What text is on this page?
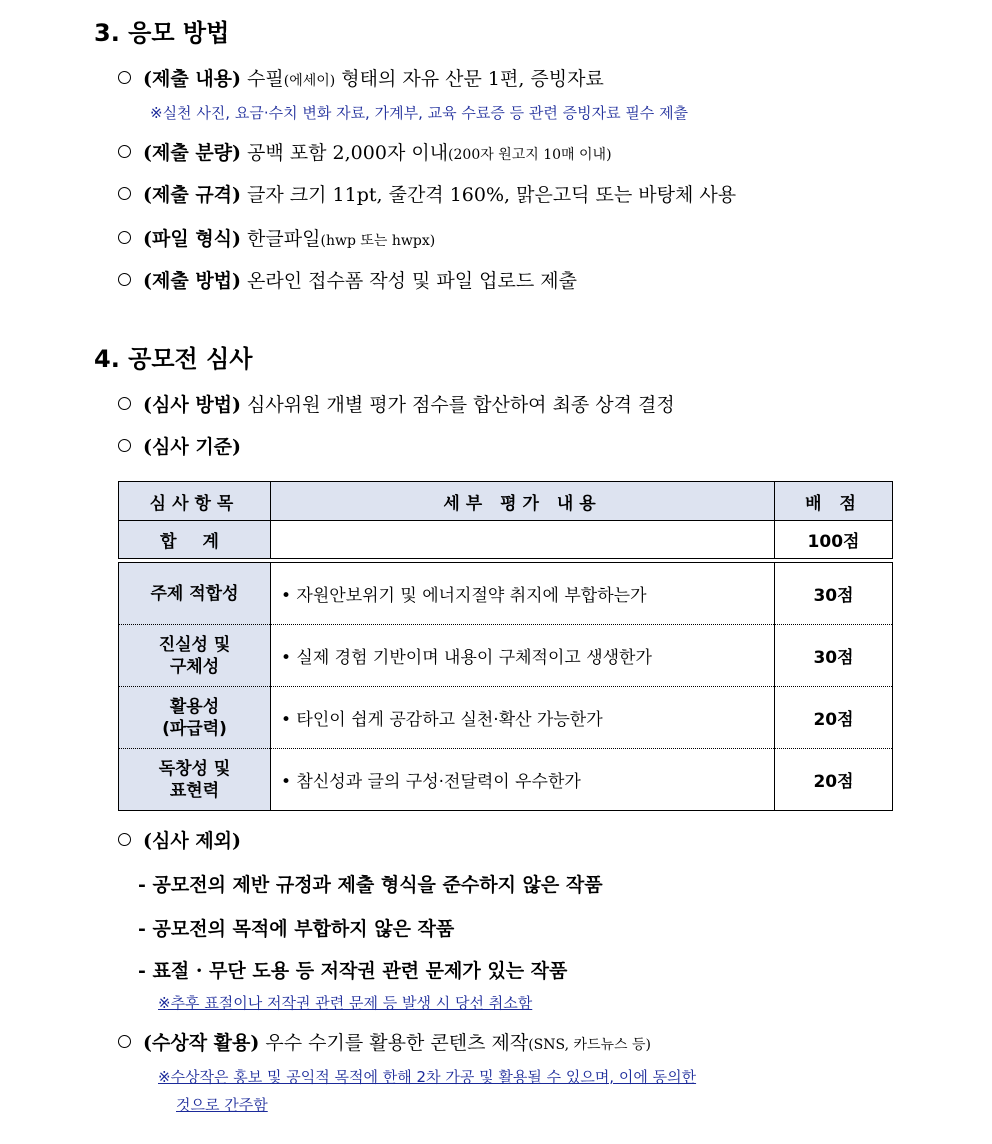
3. 응모 방법
(제출 내용) 수필(에세이) 형태의 자유 산문 1편, 증빙자료
※실천 사진, 요금·수치 변화 자료, 가계부, 교육 수료증 등 관련 증빙자료 필수 제출
(제출 분량) 공백 포함 2,000자 이내(200자 원고지 10매 이내)
(제출 규격) 글자 크기 11pt, 줄간격 160%, 맑은고딕 또는 바탕체 사용
(파일 형식) 한글파일(hwp 또는 hwpx)
(제출 방법) 온라인 접수폼 작성 및 파일 업로드 제출
4. 공모전 심사
(심사 방법) 심사위원 개별 평가 점수를 합산하여 최종 상격 결정
(심사 기준)
심사항목	세부 평가 내용	배 점
합 계		100점

주제 적합성	• 자원안보위기 및 에너지절약 취지에 부합하는가	30점
진실성 및
구체성	• 실제 경험 기반이며 내용이 구체적이고 생생한가	30점
활용성
(파급력)	• 타인이 쉽게 공감하고 실천·확산 가능한가	20점
독창성 및
표현력	• 참신성과 글의 구성·전달력이 우수한가	20점
(심사 제외)
- 공모전의 제반 규정과 제출 형식을 준수하지 않은 작품
- 공모전의 목적에 부합하지 않은 작품
- 표절 · 무단 도용 등 저작권 관련 문제가 있는 작품
※추후 표절이나 저작권 관련 문제 등 발생 시 당선 취소함
(수상작 활용) 우수 수기를 활용한 콘텐츠 제작(SNS, 카드뉴스 등)
※수상작은 홍보 및 공익적 목적에 한해 2차 가공 및 활용될 수 있으며, 이에 동의한
것으로 간주함
